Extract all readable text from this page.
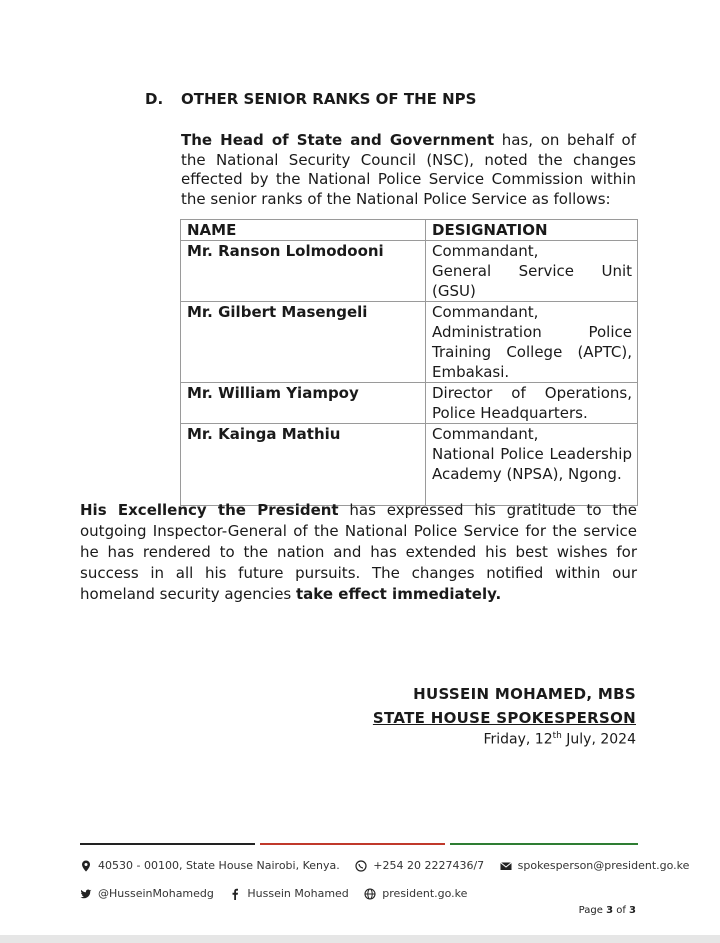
D. OTHER SENIOR RANKS OF THE NPS
The Head of State and Government has, on behalf of the National Security Council (NSC), noted the changes effected by the National Police Service Commission within the senior ranks of the National Police Service as follows:
NAME	DESIGNATION
Mr. Ranson Lolmodooni	Commandant,
General Service Unit (GSU)

Mr. Gilbert Masengeli	Commandant,
Administration Police Training College (APTC), Embakasi.

Mr. William Yiampoy	Director of Operations, Police Headquarters.

Mr. Kainga Mathiu	Commandant,
National Police Leadership Academy (NPSA), Ngong.
His Excellency the President has expressed his gratitude to the outgoing Inspector-General of the National Police Service for the service he has rendered to the nation and has extended his best wishes for success in all his future pursuits. The changes notified within our homeland security agencies take effect immediately.
HUSSEIN MOHAMED, MBS
STATE HOUSE SPOKESPERSON
Friday, 12th July, 2024
40530 - 00100, State House Nairobi, Kenya.
	+254 20 2227436/7
	spokesperson@president.go.ke
@HusseinMohamedg
	Hussein Mohamed
	president.go.ke
Page 3 of 3
